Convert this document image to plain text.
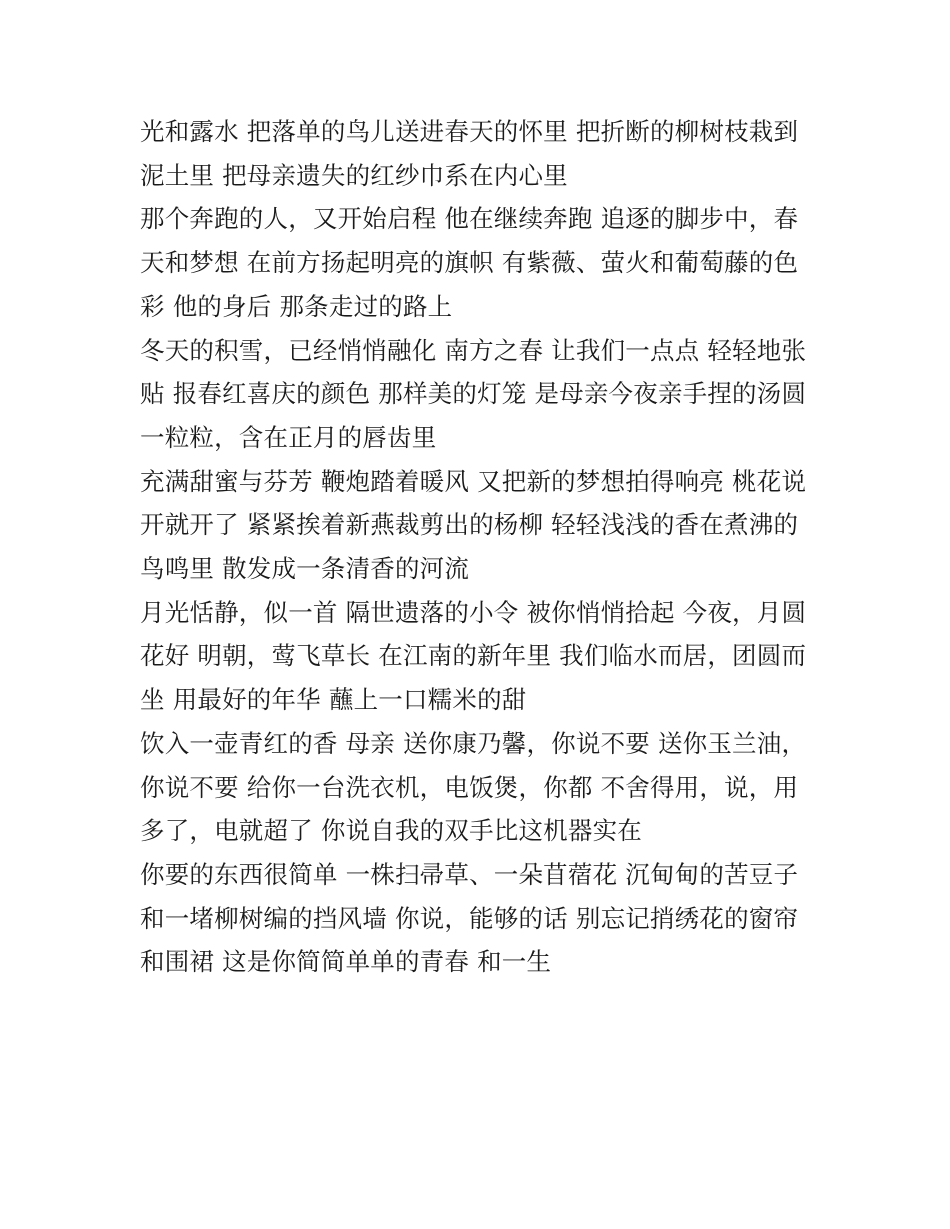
光和露水 把落单的鸟儿送进春天的怀里 把折断的柳树枝栽到泥土里 把母亲遗失的红纱巾系在内心里

那个奔跑的人，又开始启程 他在继续奔跑 追逐的脚步中，春天和梦想 在前方扬起明亮的旗帜 有紫薇、萤火和葡萄藤的色彩 他的身后 那条走过的路上

冬天的积雪，已经悄悄融化 南方之春 让我们一点点 轻轻地张贴 报春红喜庆的颜色 那样美的灯笼 是母亲今夜亲手捏的汤圆一粒粒，含在正月的唇齿里

充满甜蜜与芬芳 鞭炮踏着暖风 又把新的梦想拍得响亮 桃花说开就开了 紧紧挨着新燕裁剪出的杨柳 轻轻浅浅的香在煮沸的鸟鸣里 散发成一条清香的河流

月光恬静，似一首 隔世遗落的小令 被你悄悄拾起 今夜，月圆花好 明朝，莺飞草长 在江南的新年里 我们临水而居，团圆而坐 用最好的年华 蘸上一口糯米的甜

饮入一壶青红的香 母亲 送你康乃馨，你说不要 送你玉兰油，你说不要 给你一台洗衣机，电饭煲，你都 不舍得用，说，用多了，电就超了 你说自我的双手比这机器实在

你要的东西很简单 一株扫帚草、一朵苜蓿花 沉甸甸的苦豆子和一堵柳树编的挡风墙 你说，能够的话 别忘记捎绣花的窗帘和围裙 这是你简简单单的青春 和一生
